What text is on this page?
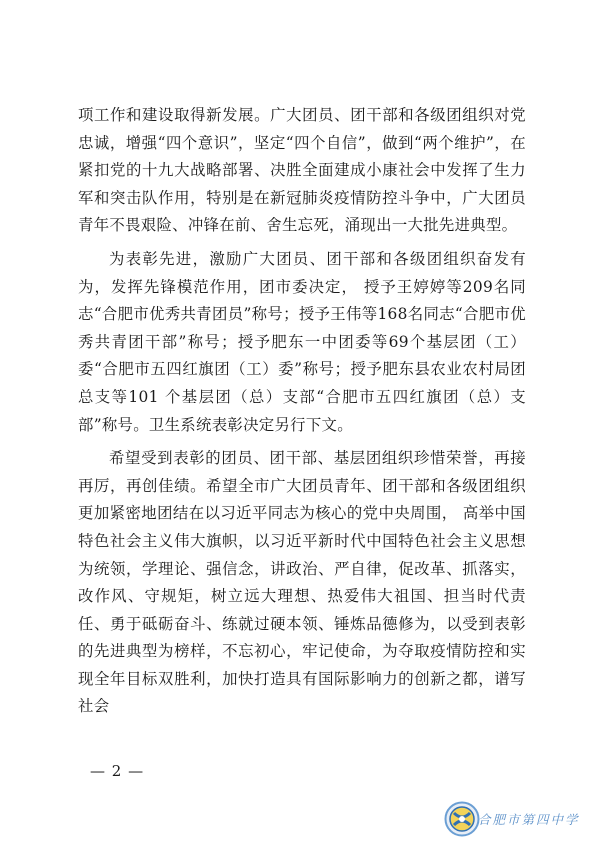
项工作和建设取得新发展。广大团员、团干部和各级团组织对党忠诚，增强“四个意识”，坚定“四个自信”，做到“两个维护”，在紧扣党的十九大战略部署、决胜全面建成小康社会中发挥了生力军和突击队作用，特别是在新冠肺炎疫情防控斗争中，广大团员青年不畏艰险、冲锋在前、舍生忘死，涌现出一大批先进典型。

为表彰先进，激励广大团员、团干部和各级团组织奋发有为，发挥先锋模范作用，团市委决定， 授予王婷婷等209名同志“合肥市优秀共青团员”称号；授予王伟等168名同志“合肥市优秀共青团干部”称号；授予肥东一中团委等69个基层团（工）委“合肥市五四红旗团（工）委”称号；授予肥东县农业农村局团总支等101 个基层团（总）支部“合肥市五四红旗团（总）支部”称号。卫生系统表彰决定另行下文。

希望受到表彰的团员、团干部、基层团组织珍惜荣誉，再接再厉，再创佳绩。希望全市广大团员青年、团干部和各级团组织更加紧密地团结在以习近平同志为核心的党中央周围， 高举中国特色社会主义伟大旗帜，以习近平新时代中国特色社会主义思想为统领，学理论、强信念，讲政治、严自律，促改革、抓落实，改作风、守规矩，树立远大理想、热爱伟大祖国、担当时代责任、勇于砥砺奋斗、练就过硬本领、锤炼品德修为，以受到表彰的先进典型为榜样，不忘初心，牢记使命，为夺取疫情防控和实现全年目标双胜利，加快打造具有国际影响力的创新之都，谱写社会

— 2 —
合肥市第四中学
